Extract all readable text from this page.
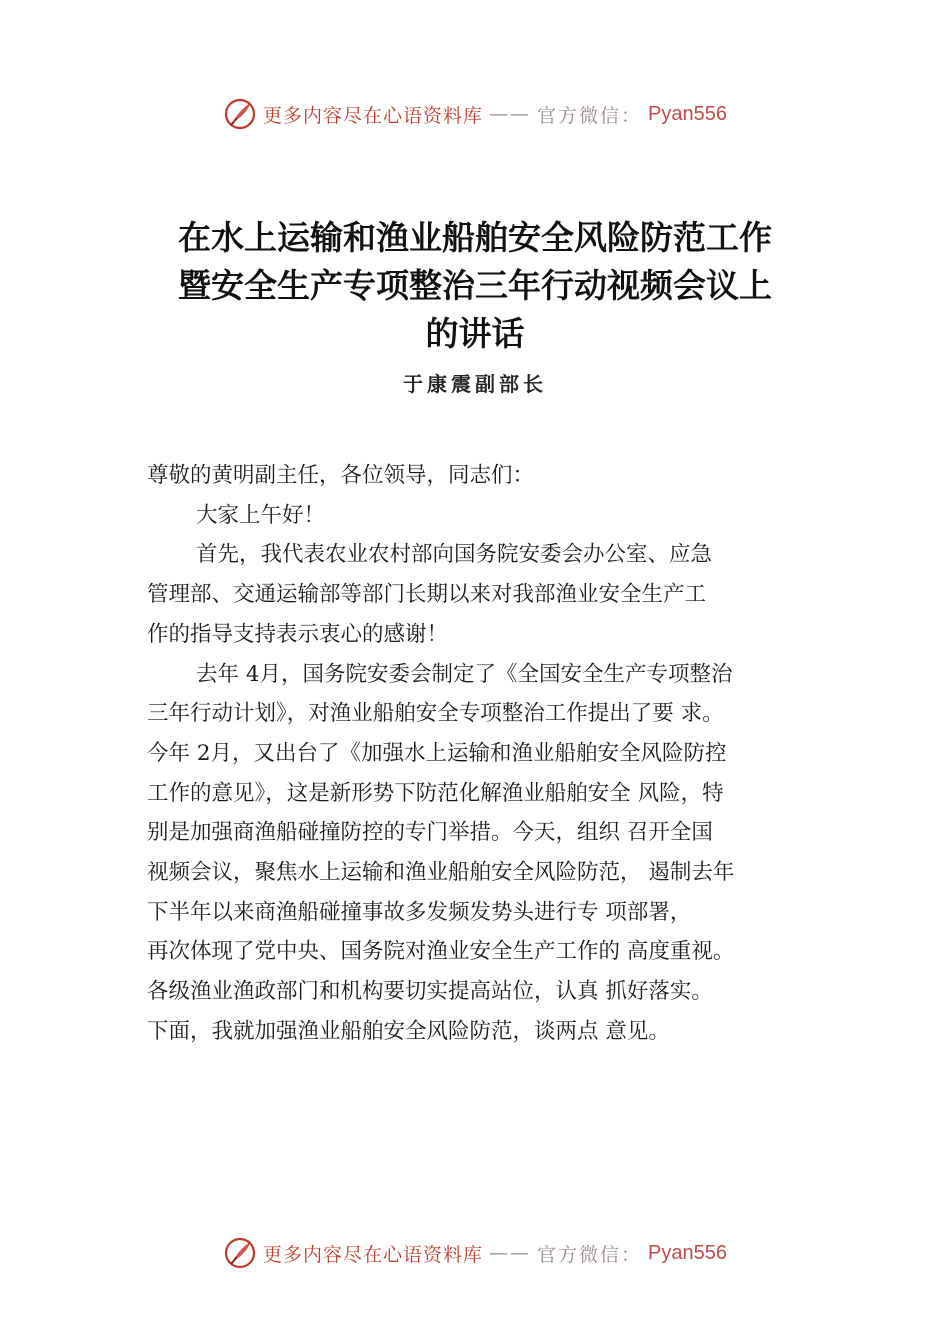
更多内容尽在心语资料库 —— 官方微信： Pyan556
在水上运输和渔业船舶安全风险防范工作
暨安全生产专项整治三年行动视频会议上
的讲话
于康震副部长
尊敬的黄明副主任，各位领导，同志们：
大家上午好！
首先，我代表农业农村部向国务院安委会办公室、应急
管理部、交通运输部等部门长期以来对我部渔业安全生产工
作的指导支持表示衷心的感谢！
去年 4月，国务院安委会制定了《全国安全生产专项整治
三年行动计划》，对渔业船舶安全专项整治工作提出了要 求。
今年 2月，又出台了《加强水上运输和渔业船舶安全风险防控
工作的意见》，这是新形势下防范化解渔业船舶安全 风险，特
别是加强商渔船碰撞防控的专门举措。今天，组织 召开全国
视频会议，聚焦水上运输和渔业船舶安全风险防范， 遏制去年
下半年以来商渔船碰撞事故多发频发势头进行专 项部署，
再次体现了党中央、国务院对渔业安全生产工作的 高度重视。
各级渔业渔政部门和机构要切实提高站位，认真 抓好落实。
下面，我就加强渔业船舶安全风险防范，谈两点 意见。
更多内容尽在心语资料库 —— 官方微信： Pyan556
